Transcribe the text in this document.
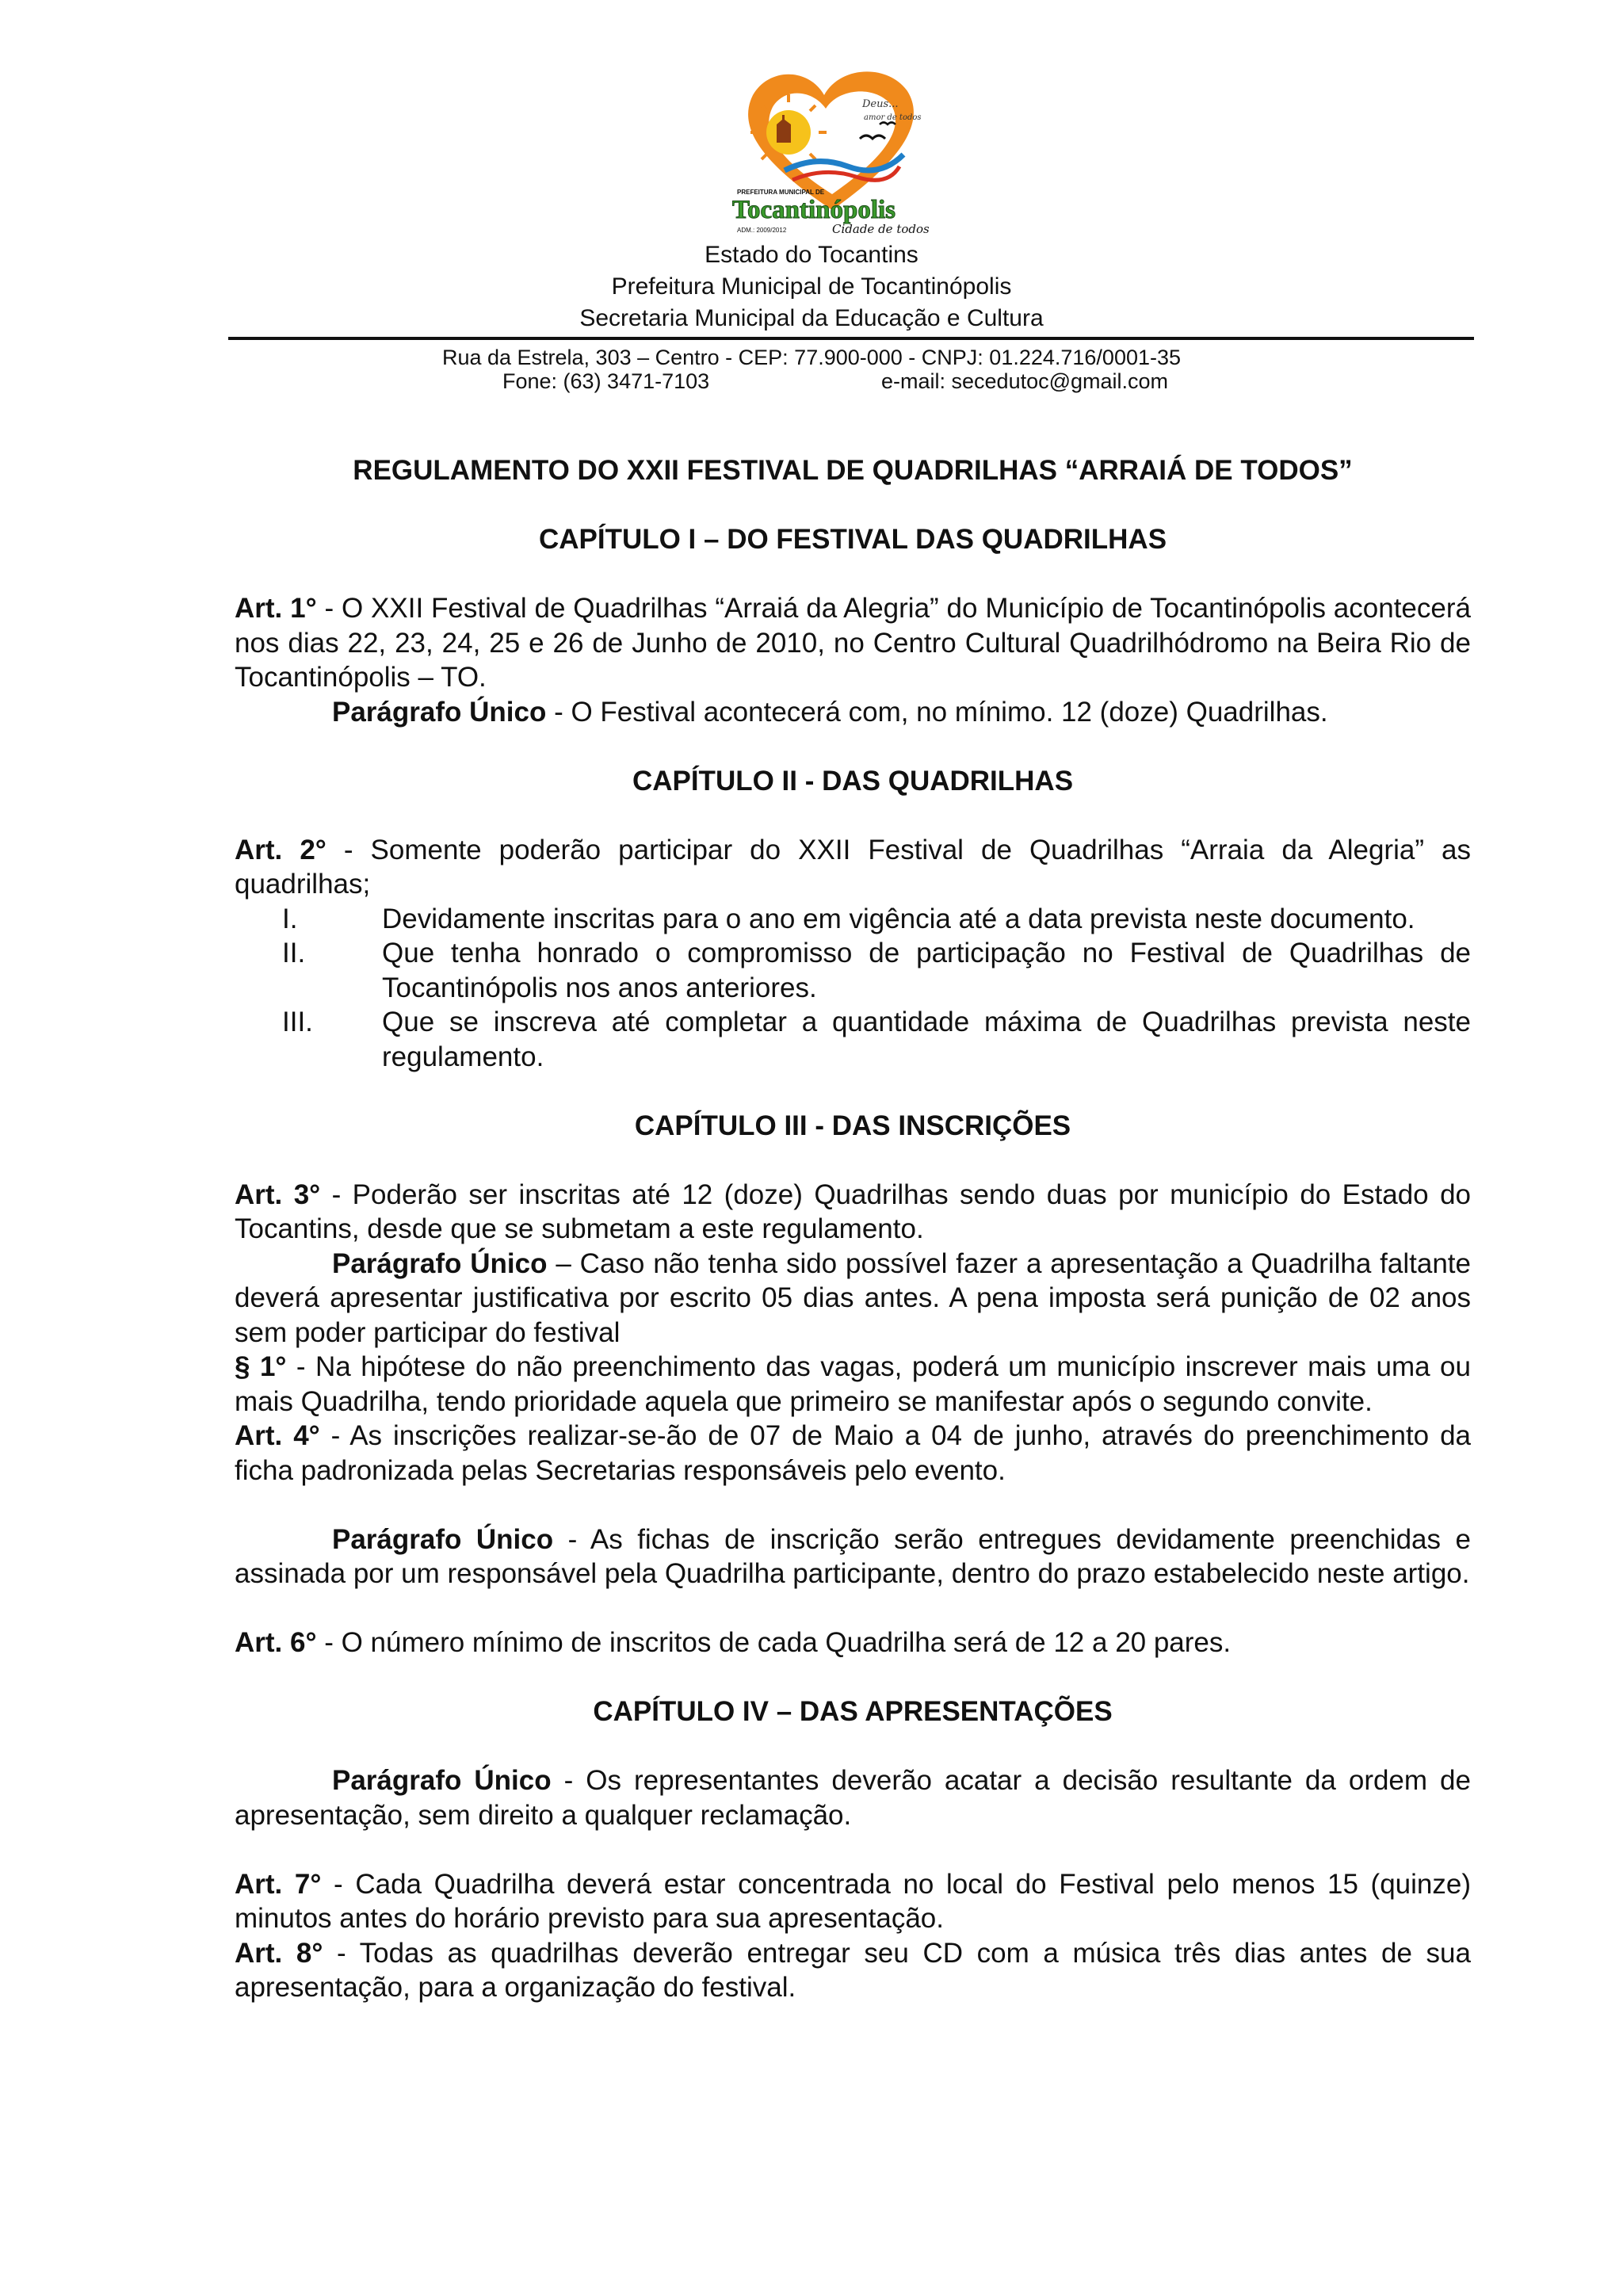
Deus...
amor de todos
PREFEITURA MUNICIPAL DE
Tocantinópolis
ADM.: 2009/2012	Cidade de todos
Estado do Tocantins
Prefeitura Municipal de Tocantinópolis
Secretaria Municipal da Educação e Cultura
Rua da Estrela, 303 – Centro - CEP: 77.900-000 - CNPJ: 01.224.716/0001-35
Fone: (63) 3471-7103	e-mail: secedutoc@gmail.com
REGULAMENTO DO XXII FESTIVAL DE QUADRILHAS “ARRAIÁ DE TODOS”
CAPÍTULO I – DO FESTIVAL DAS QUADRILHAS
Art. 1° - O XXII Festival de Quadrilhas “Arraiá da Alegria” do Município de Tocantinópolis acontecerá nos dias 22, 23, 24, 25 e 26 de Junho de 2010, no Centro Cultural Quadrilhódromo na Beira Rio de Tocantinópolis – TO.
Parágrafo Único - O Festival acontecerá com, no mínimo. 12 (doze) Quadrilhas.
CAPÍTULO II - DAS QUADRILHAS
Art. 2° - Somente poderão participar do XXII Festival de Quadrilhas “Arraia da Alegria” as quadrilhas;
I.	Devidamente inscritas para o ano em vigência até a data prevista neste documento.
II.	Que tenha honrado o compromisso de participação no Festival de Quadrilhas de Tocantinópolis nos anos anteriores.
III. Que se inscreva até completar a quantidade máxima de Quadrilhas prevista neste regulamento.
CAPÍTULO III - DAS INSCRIÇÕES
Art. 3° - Poderão ser inscritas até 12 (doze) Quadrilhas sendo duas por município do Estado do Tocantins, desde que se submetam a este regulamento.
Parágrafo Único – Caso não tenha sido possível fazer a apresentação a Quadrilha faltante deverá apresentar justificativa por escrito 05 dias antes. A pena imposta será punição de 02 anos sem poder participar do festival
§ 1° - Na hipótese do não preenchimento das vagas, poderá um município inscrever mais uma ou mais Quadrilha, tendo prioridade aquela que primeiro se manifestar após o segundo convite.
Art. 4° - As inscrições realizar-se-ão de 07 de Maio a 04 de junho, através do preenchimento da ficha padronizada pelas Secretarias responsáveis pelo evento.
Parágrafo Único - As fichas de inscrição serão entregues devidamente preenchidas e assinada por um responsável pela Quadrilha participante, dentro do prazo estabelecido neste artigo.
Art. 6° - O número mínimo de inscritos de cada Quadrilha será de 12 a 20 pares.
CAPÍTULO IV – DAS APRESENTAÇÕES
Parágrafo Único - Os representantes deverão acatar a decisão resultante da ordem de apresentação, sem direito a qualquer reclamação.
Art. 7° - Cada Quadrilha deverá estar concentrada no local do Festival pelo menos 15 (quinze) minutos antes do horário previsto para sua apresentação.
Art. 8° - Todas as quadrilhas deverão entregar seu CD com a música três dias antes de sua apresentação, para a organização do festival.
